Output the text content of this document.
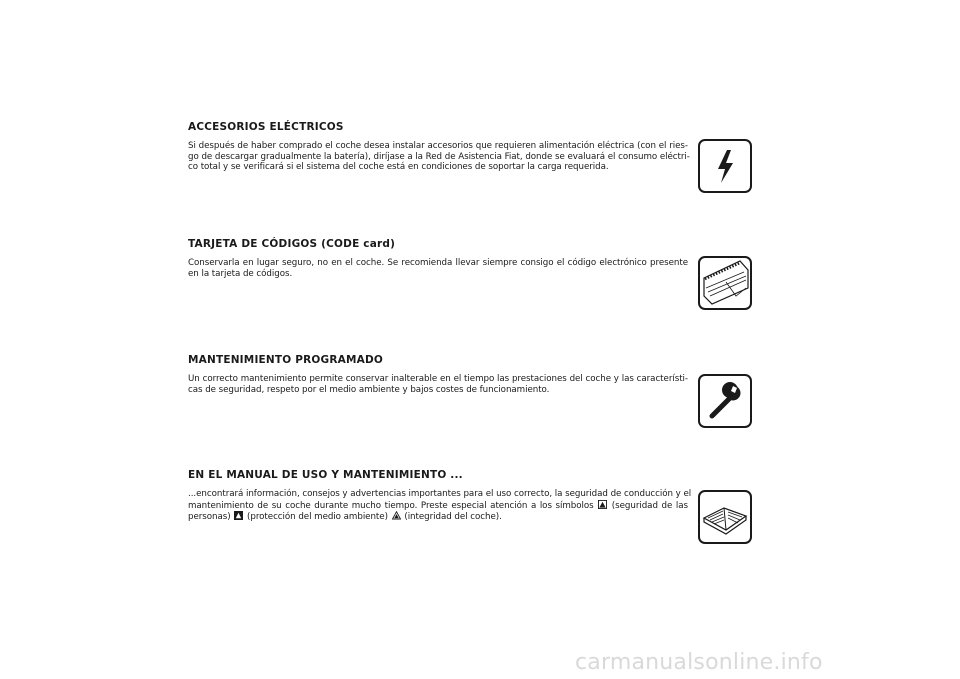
ACCESORIOS ELÉCTRICOS

Si después de haber comprado el coche desea instalar accesorios que requieren alimentación eléctrica (con el ries-
go de descargar gradualmente la batería), diríjase a la Red de Asistencia Fiat, donde se evaluará el consumo eléctri-
co total y se verificará si el sistema del coche está en condiciones de soportar la carga requerida.

TARJETA DE CÓDIGOS (CODE card)

Conservarla en lugar seguro, no en el coche. Se recomienda llevar siempre consigo el código electrónico presente
en la tarjeta de códigos.

MANTENIMIENTO PROGRAMADO

Un correcto mantenimiento permite conservar inalterable en el tiempo las prestaciones del coche y las característi-
cas de seguridad, respeto por el medio ambiente y bajos costes de funcionamiento.

EN EL MANUAL DE USO Y MANTENIMIENTO ...

...encontrará información, consejos y advertencias importantes para el uso correcto, la seguridad de conducción y el
mantenimiento de su coche durante mucho tiempo. Preste especial atención a los símbolos (seguridad de las
personas) (protección del medio ambiente) (integridad del coche).

carmanualsonline.info
